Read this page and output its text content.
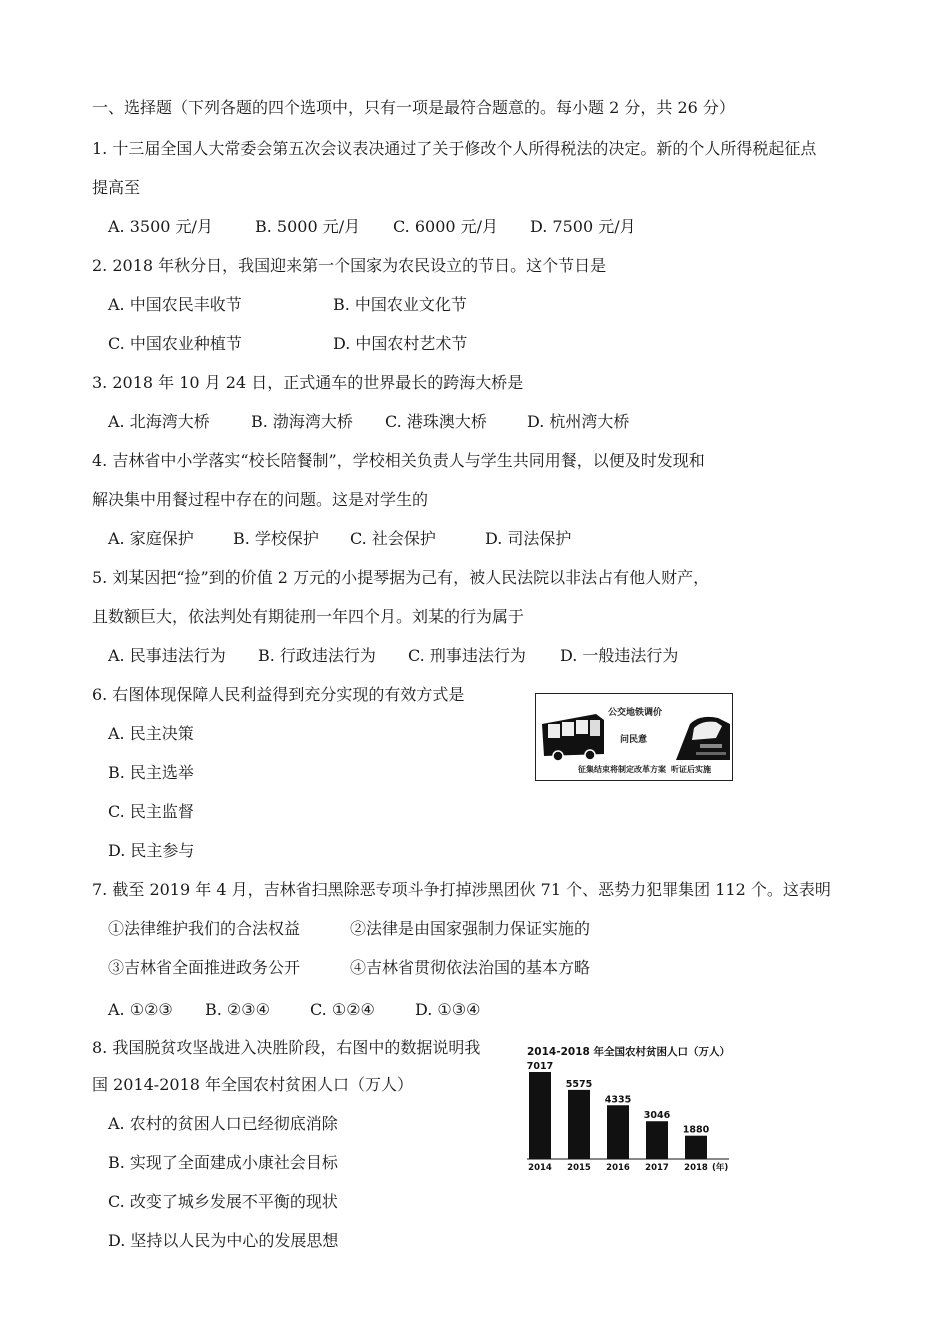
一、选择题（下列各题的四个选项中，只有一项是最符合题意的。每小题 2 分，共 26 分）
1. 十三届全国人大常委会第五次会议表决通过了关于修改个人所得税法的决定。新的个人所得税起征点
提高至
A. 3500 元/月	B. 5000 元/月 C. 6000 元/月 D. 7500 元/月
2. 2018 年秋分日，我国迎来第一个国家为农民设立的节日。这个节日是
A. 中国农民丰收节	B. 中国农业文化节
C. 中国农业种植节	D. 中国农村艺术节
3. 2018 年 10 月 24 日，正式通车的世界最长的跨海大桥是
A. 北海湾大桥	B. 渤海湾大桥 C. 港珠澳大桥	D. 杭州湾大桥
4. 吉林省中小学落实“校长陪餐制”，学校相关负责人与学生共同用餐，以便及时发现和
解决集中用餐过程中存在的问题。这是对学生的
A. 家庭保护 B. 学校保护 C. 社会保护	D. 司法保护
5. 刘某因把“捡”到的价值 2 万元的小提琴据为己有，被人民法院以非法占有他人财产，
且数额巨大，依法判处有期徒刑一年四个月。刘某的行为属于
A. 民事违法行为 B. 行政违法行为 C. 刑事违法行为 D. 一般违法行为
6. 右图体现保障人民利益得到充分实现的有效方式是
A. 民主决策
B. 民主选举
C. 民主监督
D. 民主参与
公交地铁调价
问民意
征集结束将制定改革方案 听证后实施
7. 截至 2019 年 4 月，吉林省扫黑除恶专项斗争打掉涉黑团伙 71 个、恶势力犯罪集团 112 个。这表明
①法律维护我们的合法权益	②法律是由国家强制力保证实施的
③吉林省全面推进政务公开	④吉林省贯彻依法治国的基本方略
A. ①②③ B. ②③④	C. ①②④	D. ①③④
8. 我国脱贫攻坚战进入决胜阶段，右图中的数据说明我
国 2014-2018 年全国农村贫困人口（万人）
A. 农村的贫困人口已经彻底消除
B. 实现了全面建成小康社会目标
C. 改变了城乡发展不平衡的现状
D. 坚持以人民为中心的发展思想
2014-2018 年全国农村贫困人口（万人）
7017
2014
5575
2015
4335
2016
3046
2017
1880
2018 (年)
